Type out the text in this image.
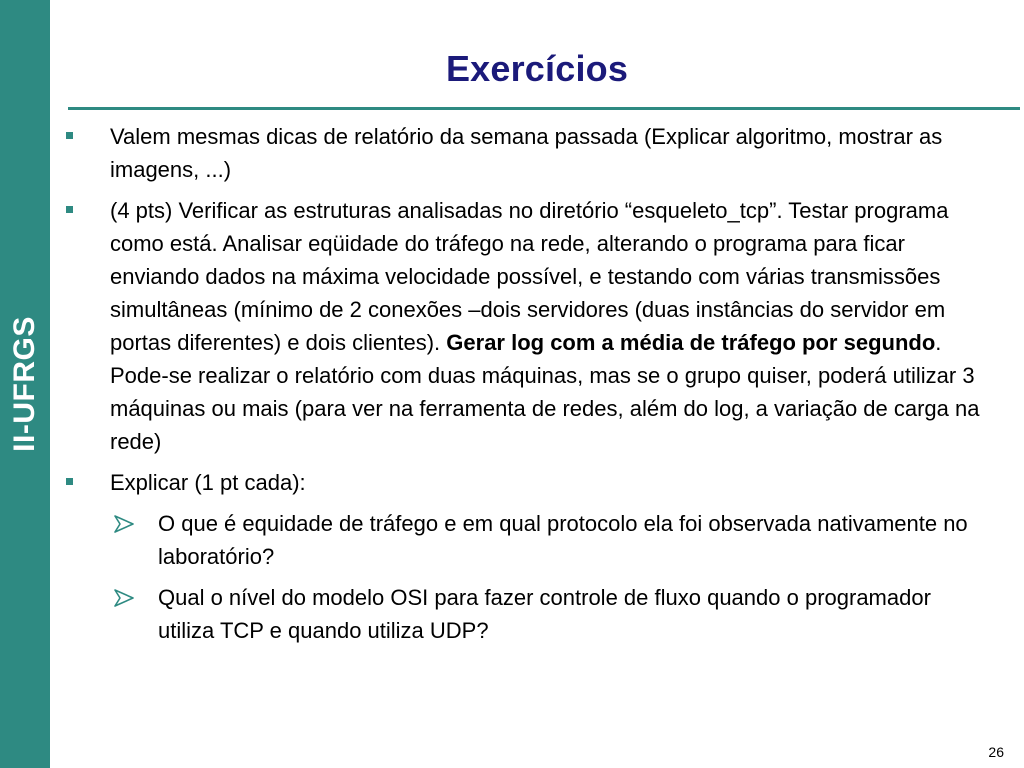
II-UFRGS
Exercícios
Valem mesmas dicas de relatório da semana passada (Explicar algoritmo, mostrar as imagens, ...)
(4 pts) Verificar as estruturas analisadas no diretório “esqueleto_tcp”. Testar programa como está. Analisar eqüidade do tráfego na rede, alterando o programa para ficar enviando dados na máxima velocidade possível, e testando com várias transmissões simultâneas (mínimo de 2 conexões –dois servidores (duas instâncias do servidor em portas diferentes) e dois clientes). Gerar log com a média de tráfego por segundo. Pode-se realizar o relatório com duas máquinas, mas se o grupo quiser, poderá utilizar 3 máquinas ou mais (para ver na ferramenta de redes, além do log, a variação de carga na rede)
Explicar (1 pt cada):
O que é equidade de tráfego e em qual protocolo ela foi observada nativamente no laboratório?
Qual o nível do modelo OSI para fazer controle de fluxo quando o programador utiliza TCP e quando utiliza UDP?
26
